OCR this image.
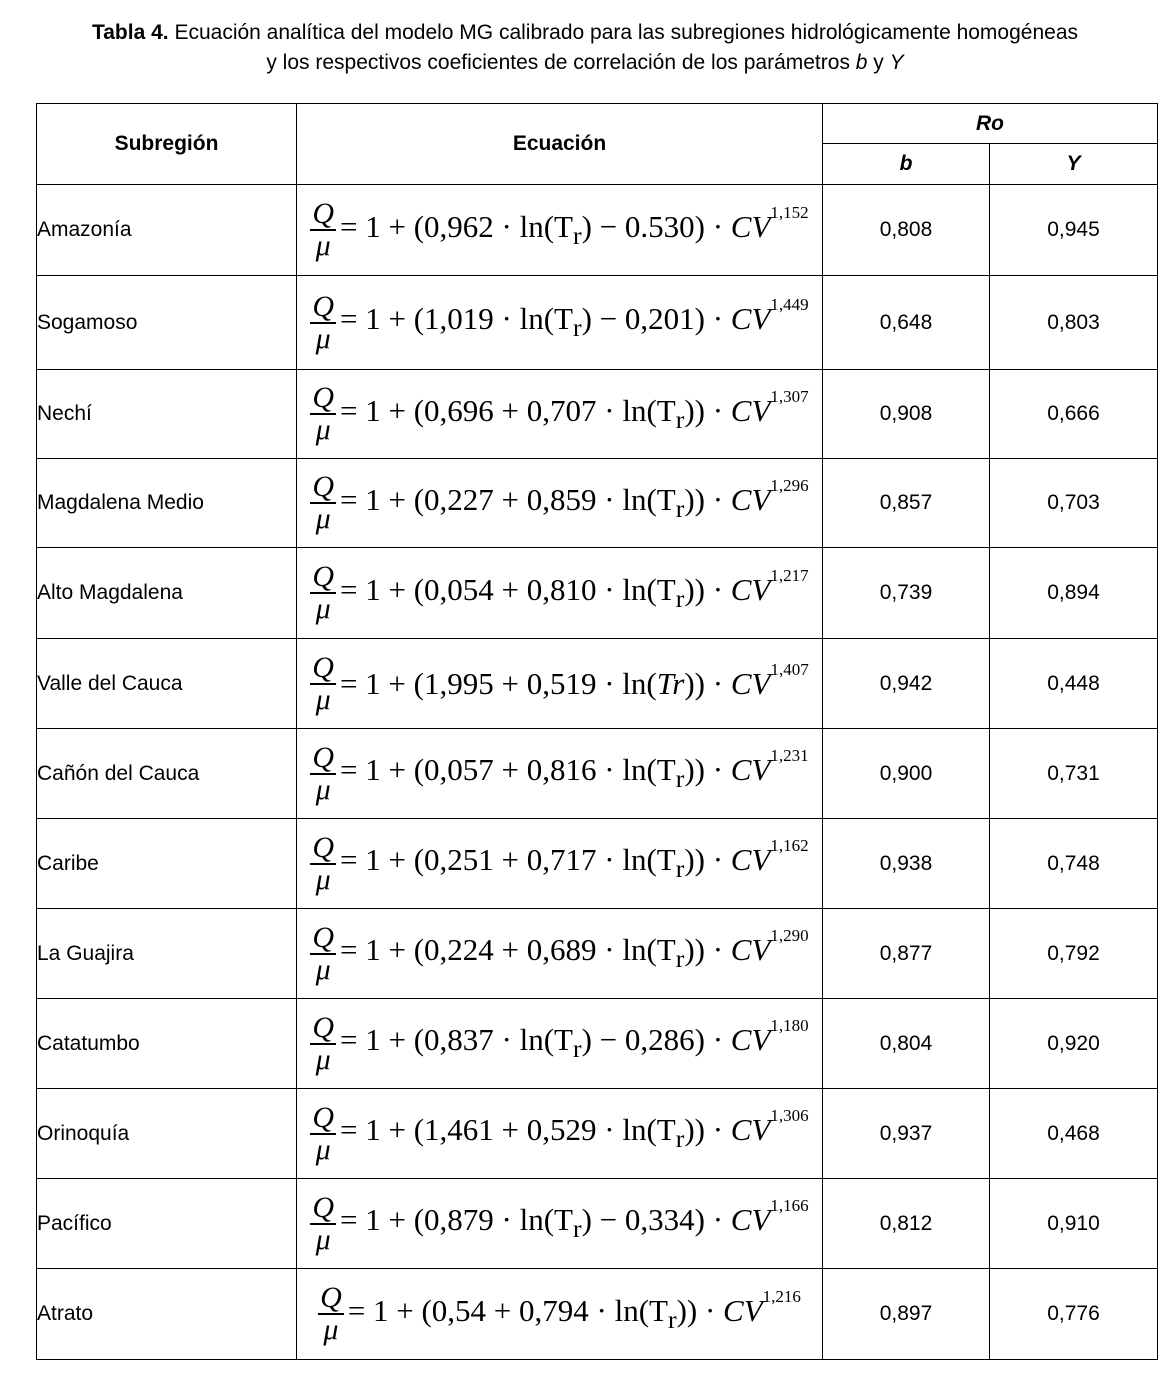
Tabla 4. Ecuación analítica del modelo MG calibrado para las subregiones hidrológicamente homogéneas
y los respectivos coeficientes de correlación de los parámetros b y Y
Subregión	Ecuación	Ro	
		b	Y
Amazonía	$\frac{Q}{\mu} = 1 + (0,962 \cdot \ln(T_r) - 0.530) \cdot CV^{1,152}$	0,808	0,945
Sogamoso	$\frac{Q}{\mu} = 1 + (1,019 \cdot \ln(T_r) - 0,201) \cdot CV^{1,449}$	0,648	0,803
Nechí	$\frac{Q}{\mu} = 1 + (0,696 + 0,707 \cdot \ln(T_r)) \cdot CV^{1,307}$	0,908	0,666
Magdalena Medio	$\frac{Q}{\mu} = 1 + (0,227 + 0,859 \cdot \ln(T_r)) \cdot CV^{1,296}$	0,857	0,703
Alto Magdalena	$\frac{Q}{\mu} = 1 + (0,054 + 0,810 \cdot \ln(T_r)) \cdot CV^{1,217}$	0,739	0,894
Valle del Cauca	$\frac{Q}{\mu} = 1 + (1,995 + 0,519 \cdot \ln(Tr)) \cdot CV^{1,407}$	0,942	0,448
Cañón del Cauca	$\frac{Q}{\mu} = 1 + (0,057 + 0,816 \cdot \ln(T_r)) \cdot CV^{1,231}$	0,900	0,731
Caribe	$\frac{Q}{\mu} = 1 + (0,251 + 0,717 \cdot \ln(T_r)) \cdot CV^{1,162}$	0,938	0,748
La Guajira	$\frac{Q}{\mu} = 1 + (0,224 + 0,689 \cdot \ln(T_r)) \cdot CV^{1,290}$	0,877	0,792
Catatumbo	$\frac{Q}{\mu} = 1 + (0,837 \cdot \ln(T_r) - 0,286) \cdot CV^{1,180}$	0,804	0,920
Orinoquía	$\frac{Q}{\mu} = 1 + (1,461 + 0,529 \cdot \ln(T_r)) \cdot CV^{1,306}$	0,937	0,468
Pacífico	$\frac{Q}{\mu} = 1 + (0,879 \cdot \ln(T_r) - 0,334) \cdot CV^{1,166}$	0,812	0,910
Atrato	$\frac{Q}{\mu} = 1 + (0,54 + 0,794 \cdot \ln(T_r)) \cdot CV^{1,216}$	0,897	0,776
